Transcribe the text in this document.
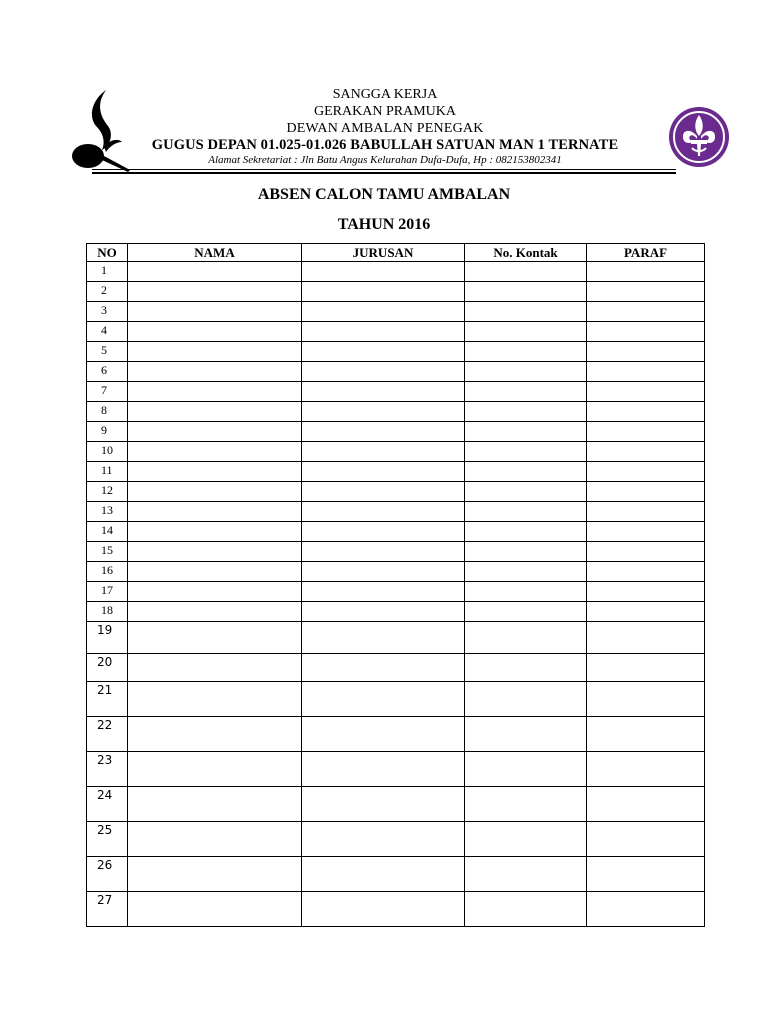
SANGGA KERJA
GERAKAN PRAMUKA
DEWAN AMBALAN PENEGAK
GUGUS DEPAN 01.025-01.026 BABULLAH SATUAN MAN 1 TERNATE
Alamat Sekretariat : Jln Batu Angus Kelurahan Dufa-Dufa, Hp : 082153802341
ABSEN CALON TAMU AMBALAN
TAHUN 2016
NO	NAMA	JURUSAN	No. Kontak	PARAF
1				
2				
3				
4				
5				
6				
7				
8				
9				
10				
11				
12				
13				
14				
15				
16				
17				
18				
19				
20				
21				
22				
23				
24				
25				
26				
27				
